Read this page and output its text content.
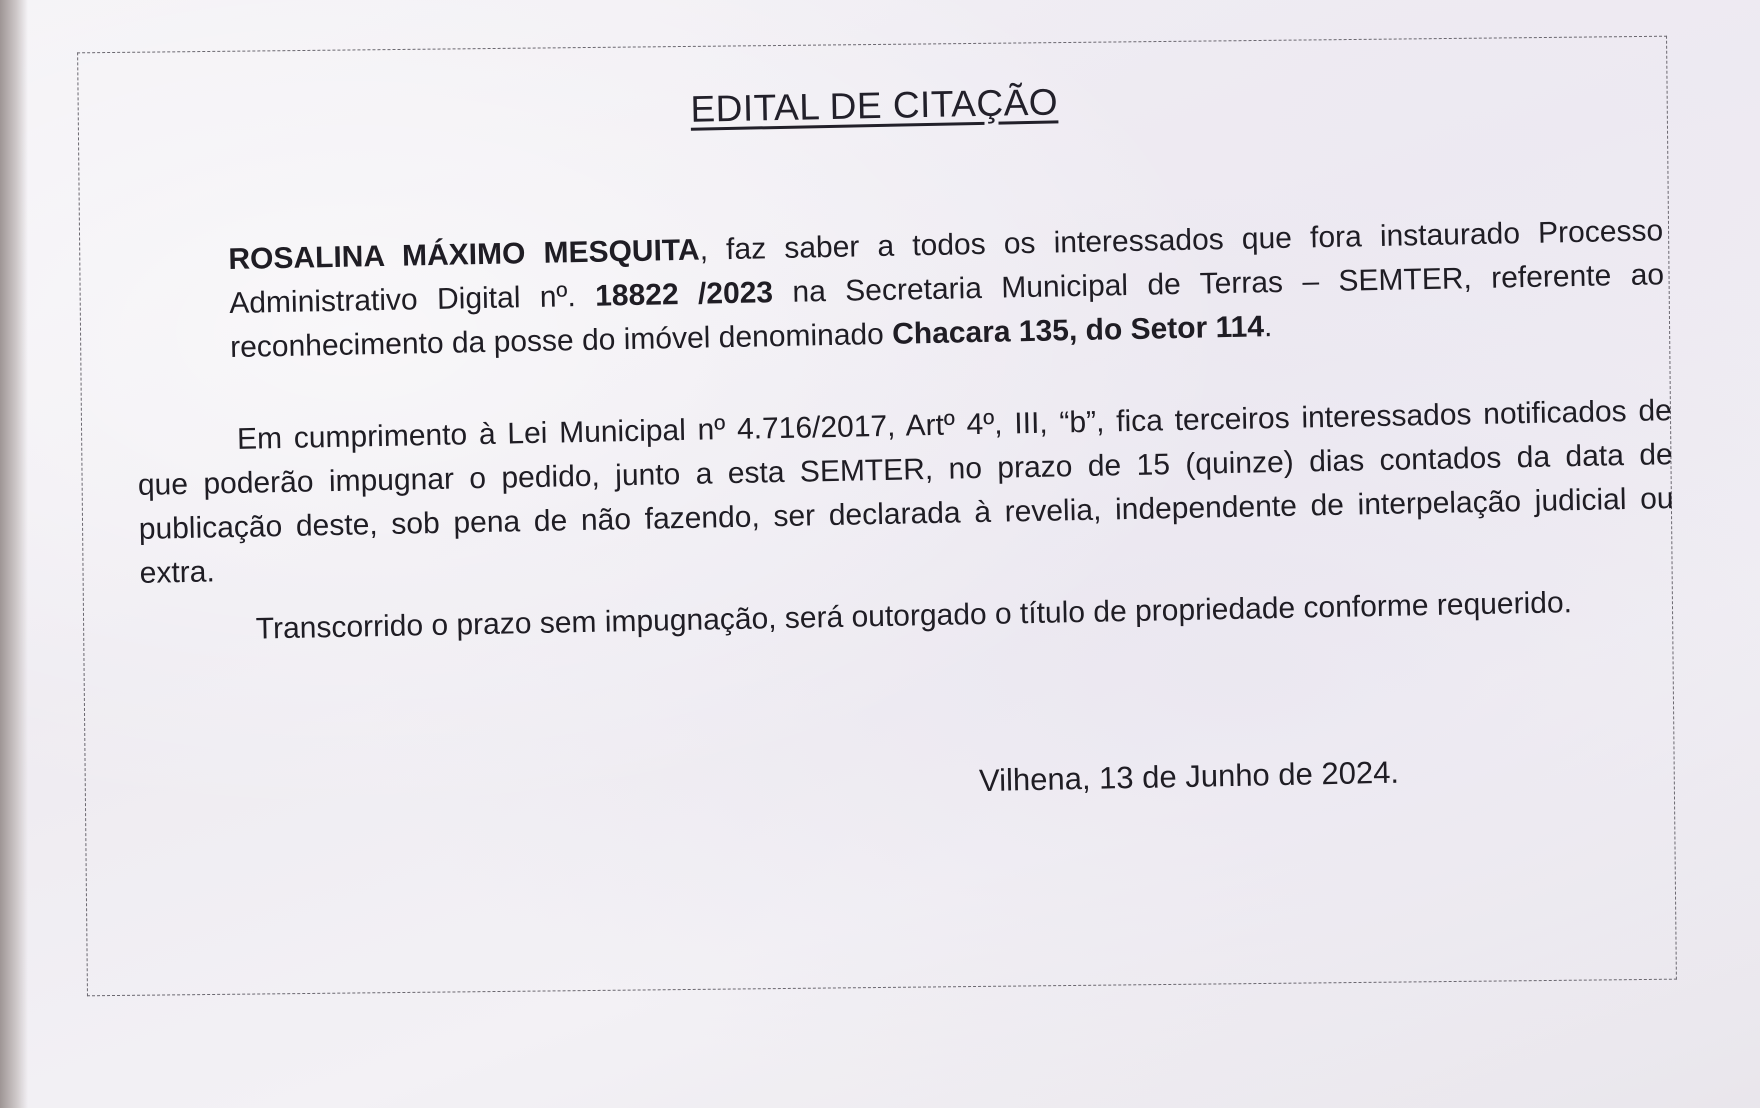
EDITAL DE CITAÇÃO
ROSALINA MÁXIMO MESQUITA, faz saber a todos os interessados que fora instaurado Processo Administrativo Digital nº. 18822 /2023 na Secretaria Municipal de Terras – SEMTER, referente ao reconhecimento da posse do imóvel denominado Chacara 135, do Setor 114.
Em cumprimento à Lei Municipal nº 4.716/2017, Artº 4º, III, “b”, fica terceiros interessados notificados de que poderão impugnar o pedido, junto a esta SEMTER, no prazo de 15 (quinze) dias contados da data de publicação deste, sob pena de não fazendo, ser declarada à revelia, independente de interpelação judicial ou extra.
Transcorrido o prazo sem impugnação, será outorgado o título de propriedade conforme requerido.
Vilhena, 13 de Junho de 2024.
